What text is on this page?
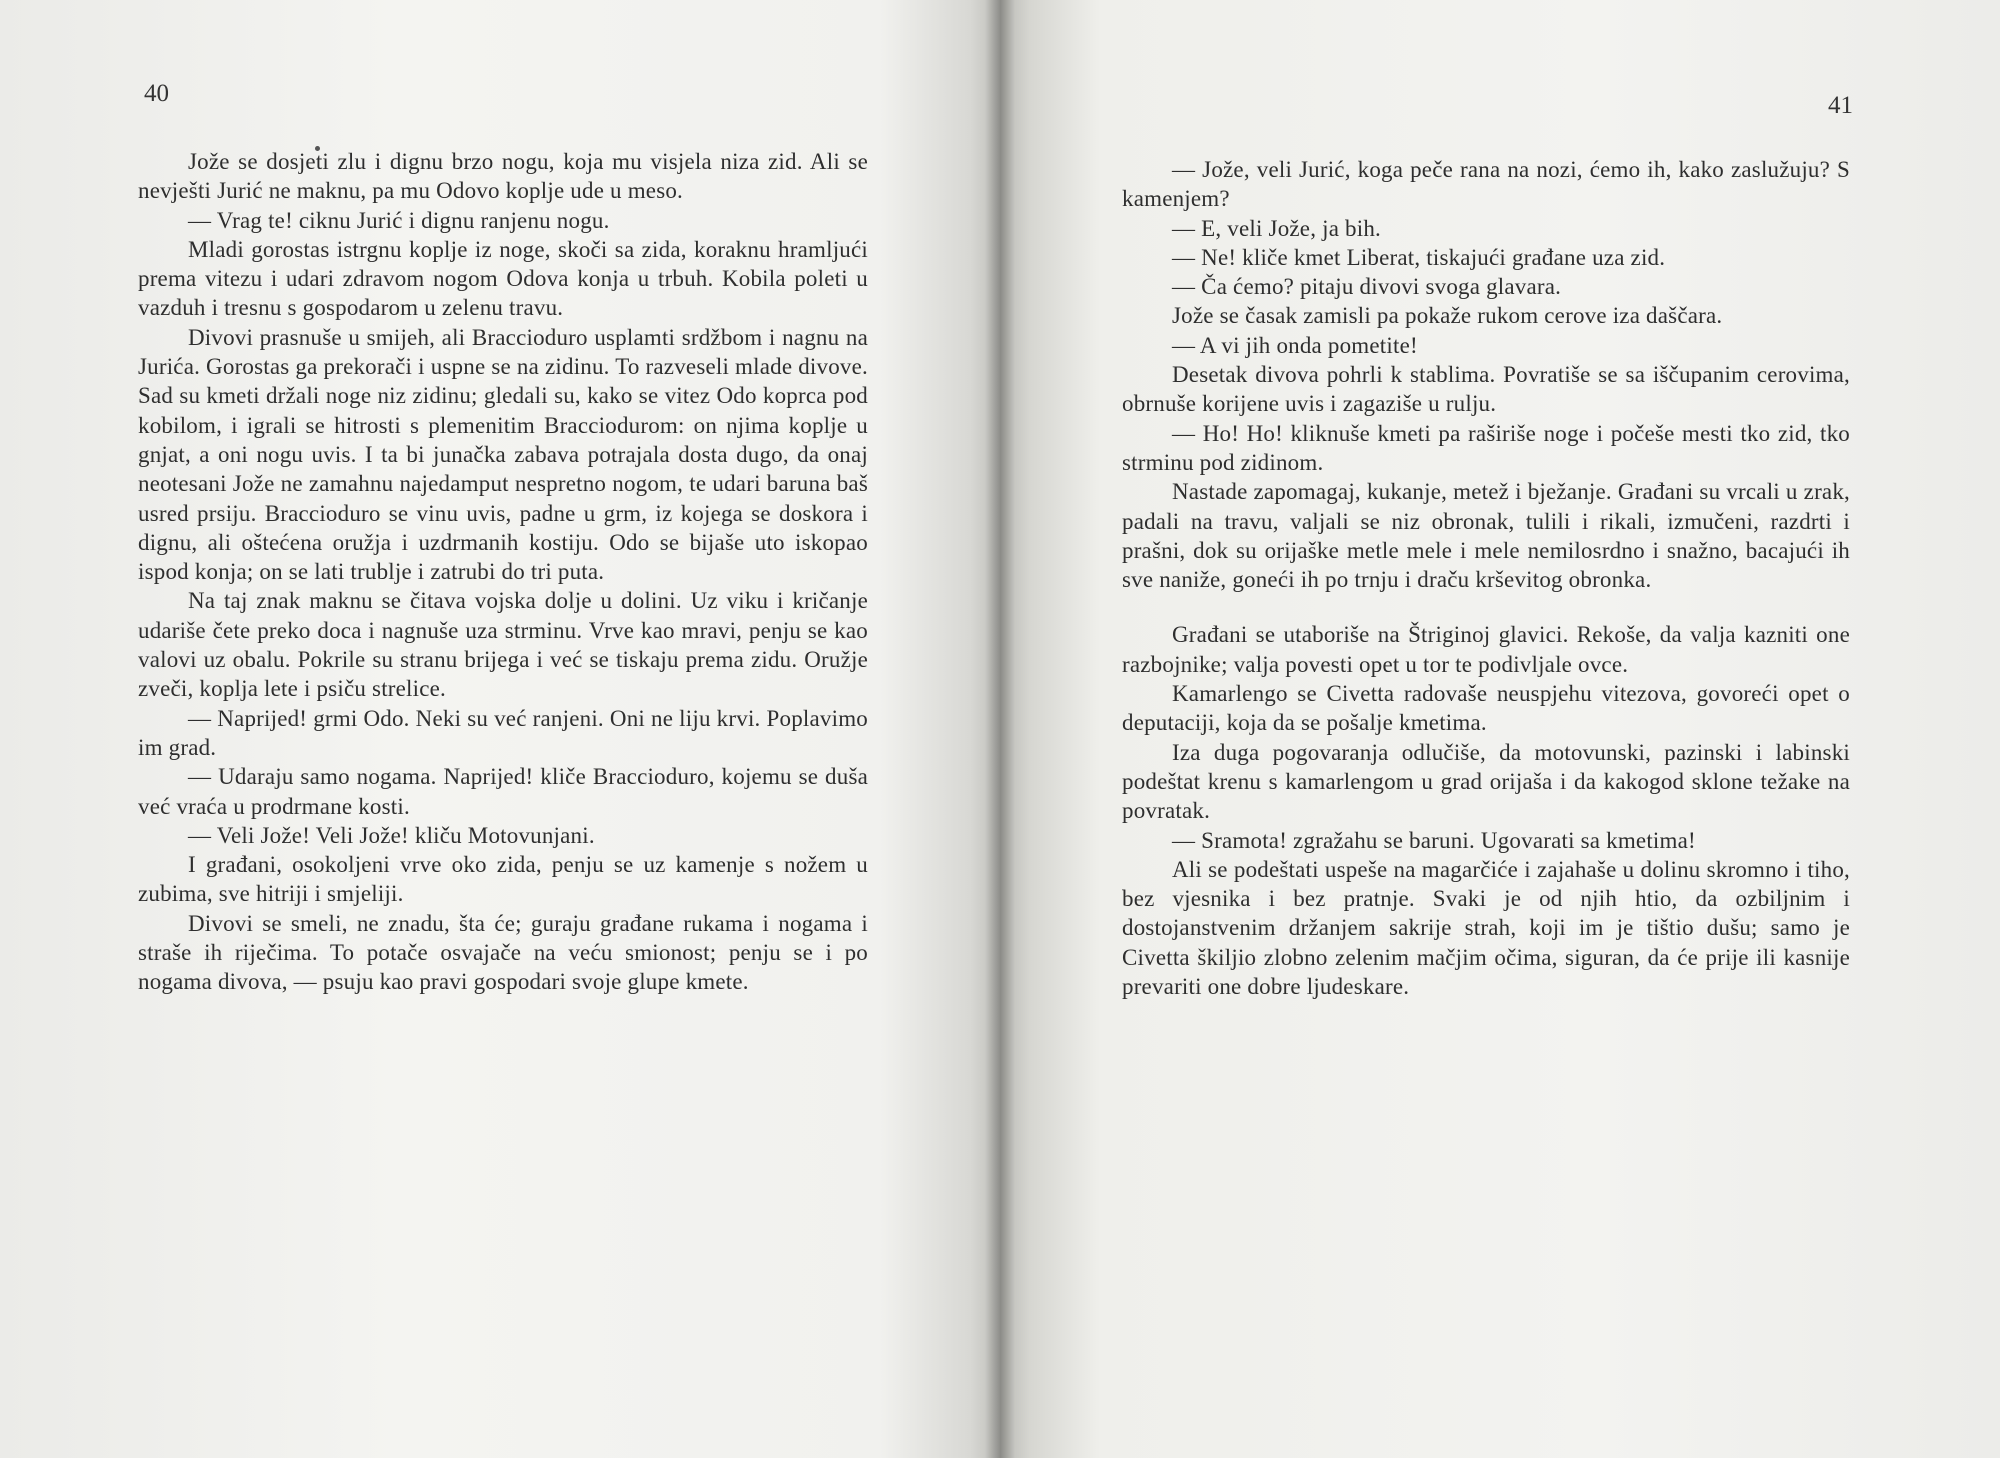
40

Jože se dosjeti zlu i dignu brzo nogu, koja mu visjela niza zid. Ali se nevješti Jurić ne maknu, pa mu Odovo koplje ude u meso.

— Vrag te! ciknu Jurić i dignu ranjenu nogu.

Mladi gorostas istrgnu koplje iz noge, skoči sa zida, koraknu hramljući prema vitezu i udari zdravom nogom Odova konja u trbuh. Kobila poleti u vazduh i tresnu s gospodarom u zelenu travu.

Divovi prasnuše u smijeh, ali Braccioduro usplamti srdžbom i nagnu na Jurića. Gorostas ga prekorači i uspne se na zidinu. To razveseli mlade divove. Sad su kmeti držali noge niz zidinu; gledali su, kako se vitez Odo koprca pod kobilom, i igrali se hitrosti s plemenitim Bracciodurom: on njima koplje u gnjat, a oni nogu uvis. I ta bi junačka zabava potrajala dosta dugo, da onaj neotesani Jože ne zamahnu najedamput nespretno nogom, te udari baruna baš usred prsiju. Braccioduro se vinu uvis, padne u grm, iz kojega se doskora i dignu, ali oštećena oružja i uzdrmanih kostiju. Odo se bijaše uto iskopao ispod konja; on se lati trublje i zatrubi do tri puta.

Na taj znak maknu se čitava vojska dolje u dolini. Uz viku i kričanje udariše čete preko doca i nagnuše uza strminu. Vrve kao mravi, penju se kao valovi uz obalu. Pokrile su stranu brijega i već se tiskaju prema zidu. Oružje zveči, koplja lete i psiču strelice.

— Naprijed! grmi Odo. Neki su već ranjeni. Oni ne liju krvi. Poplavimo im grad.

— Udaraju samo nogama. Naprijed! kliče Braccioduro, kojemu se duša već vraća u prodrmane kosti.

— Veli Jože! Veli Jože! kliču Motovunjani.

I građani, osokoljeni vrve oko zida, penju se uz kamenje s nožem u zubima, sve hitriji i smjeliji.

Divovi se smeli, ne znadu, šta će; guraju građane rukama i nogama i straše ih riječima. To potače osvajače na veću smionost; penju se i po nogama divova, — psuju kao pravi gospodari svoje glupe kmete.

41

— Jože, veli Jurić, koga peče rana na nozi, ćemo ih, kako zaslužuju? S kamenjem?

— E, veli Jože, ja bih.

— Ne! kliče kmet Liberat, tiskajući građane uza zid.

— Ča ćemo? pitaju divovi svoga glavara.

Jože se časak zamisli pa pokaže rukom cerove iza daščara.

— A vi jih onda pometite!

Desetak divova pohrli k stablima. Povratiše se sa iščupanim cerovima, obrnuše korijene uvis i zagaziše u rulju.

— Ho! Ho! kliknuše kmeti pa raširiše noge i počeše mesti tko zid, tko strminu pod zidinom.

Nastade zapomagaj, kukanje, metež i bježanje. Građani su vrcali u zrak, padali na travu, valjali se niz obronak, tulili i rikali, izmučeni, razdrti i prašni, dok su orijaške metle mele i mele nemilosrdno i snažno, bacajući ih sve naniže, goneći ih po trnju i draču krševitog obronka.

Građani se utaboriše na Štriginoj glavici. Rekoše, da valja kazniti one razbojnike; valja povesti opet u tor te podivljale ovce.

Kamarlengo se Civetta radovaše neuspjehu vitezova, govoreći opet o deputaciji, koja da se pošalje kmetima.

Iza duga pogovaranja odlučiše, da motovunski, pazinski i labinski podeštat krenu s kamarlengom u grad orijaša i da kakogod sklone težake na povratak.

— Sramota! zgražahu se baruni. Ugovarati sa kmetima!

Ali se podeštati uspeše na magarčiće i zajahaše u dolinu skromno i tiho, bez vjesnika i bez pratnje. Svaki je od njih htio, da ozbiljnim i dostojanstvenim držanjem sakrije strah, koji im je tištio dušu; samo je Civetta škiljio zlobno zelenim mačjim očima, siguran, da će prije ili kasnije prevariti one dobre ljudeskare.
